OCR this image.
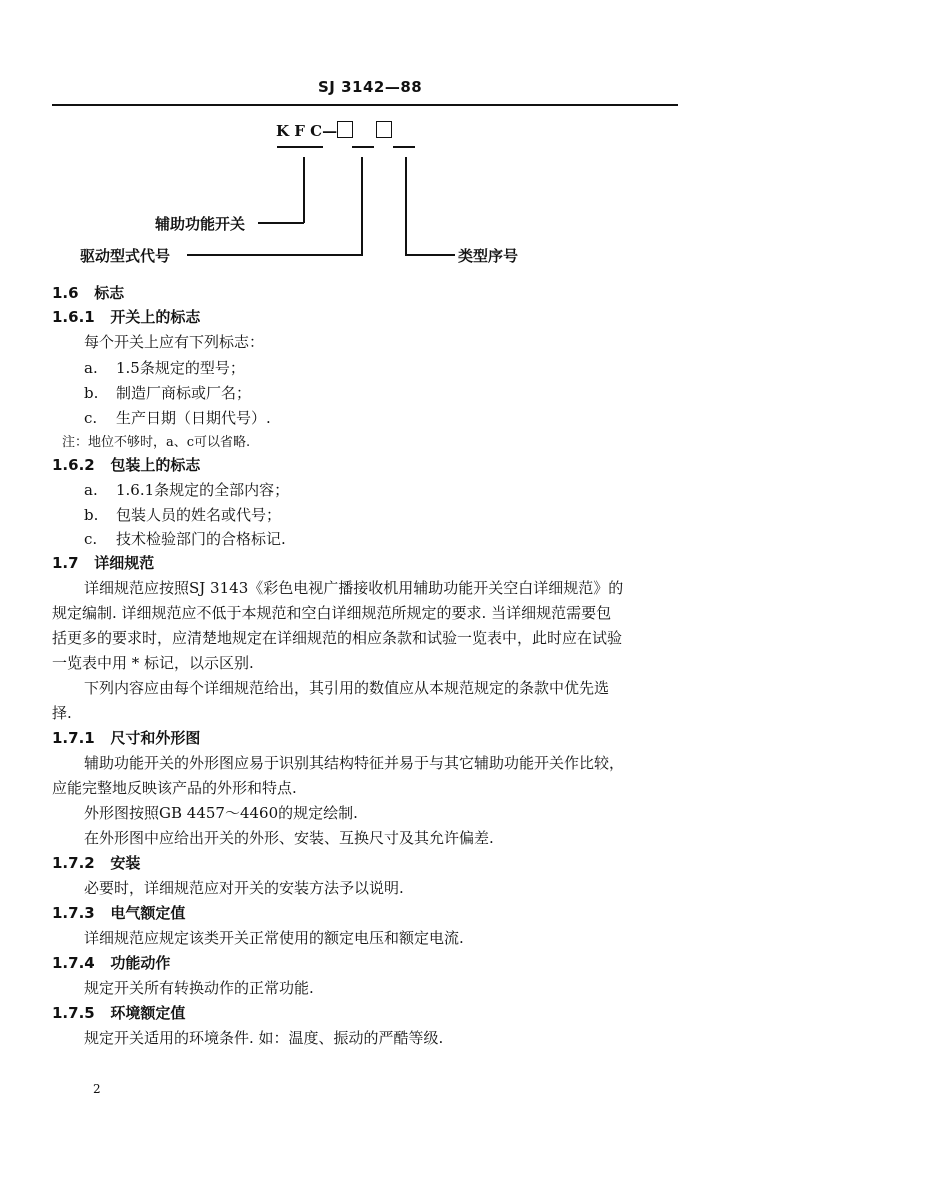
SJ 3142—88
K F C—
辅助功能开关
驱动型式代号	类型序号
1.6 标志
1.6.1 开关上的标志
每个开关上应有下列标志：
a. 1.5条规定的型号；
b. 制造厂商标或厂名；
c. 生产日期（日期代号）.
注：地位不够时，a、c可以省略.
1.6.2 包装上的标志
a. 1.6.1条规定的全部内容；
b. 包装人员的姓名或代号；
c. 技术检验部门的合格标记.
1.7 详细规范
详细规范应按照SJ 3143《彩色电视广播接收机用辅助功能开关空白详细规范》的
规定编制. 详细规范应不低于本规范和空白详细规范所规定的要求. 当详细规范需要包
括更多的要求时，应清楚地规定在详细规范的相应条款和试验一览表中，此时应在试验
一览表中用 * 标记，以示区别.
下列内容应由每个详细规范给出，其引用的数值应从本规范规定的条款中优先选
择.
1.7.1 尺寸和外形图
辅助功能开关的外形图应易于识别其结构特征并易于与其它辅助功能开关作比较，
应能完整地反映该产品的外形和特点.
外形图按照GB 4457～4460的规定绘制.
在外形图中应给出开关的外形、安装、互换尺寸及其允许偏差.
1.7.2 安装
必要时，详细规范应对开关的安装方法予以说明.
1.7.3 电气额定值
详细规范应规定该类开关正常使用的额定电压和额定电流.
1.7.4 功能动作
规定开关所有转换动作的正常功能.
1.7.5 环境额定值
规定开关适用的环境条件. 如：温度、振动的严酷等级.
2
